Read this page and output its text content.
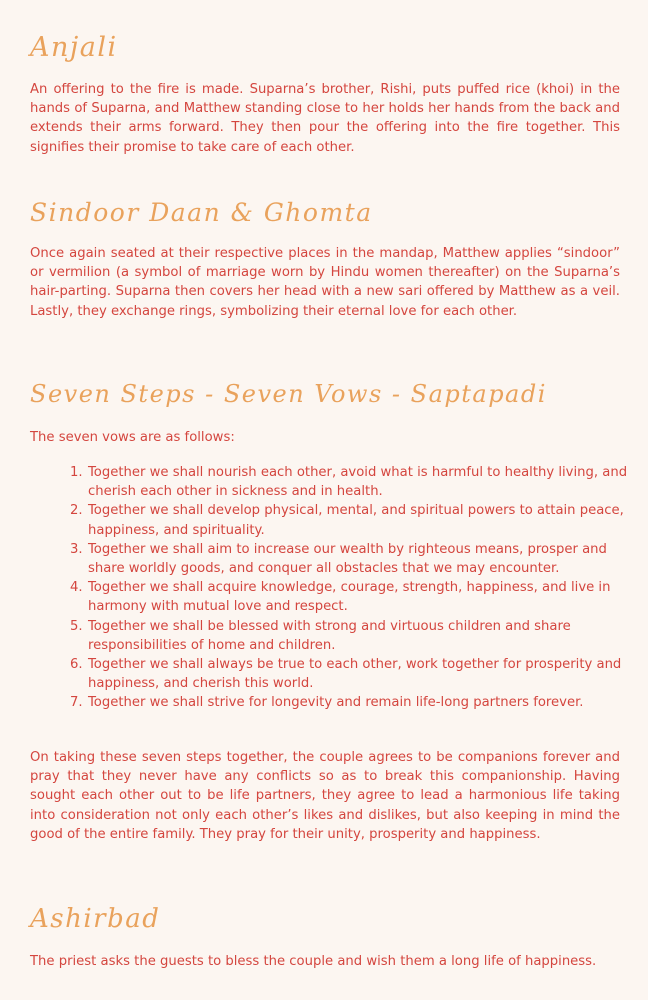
Anjali

An offering to the fire is made. Suparna’s brother, Rishi, puts puffed rice (khoi) in the hands of Suparna, and Matthew standing close to her holds her hands from the back and extends their arms forward. They then pour the offering into the fire together. This signifies their promise to take care of each other.

Sindoor Daan & Ghomta

Once again seated at their respective places in the mandap, Matthew applies “sindoor” or vermilion (a symbol of marriage worn by Hindu women thereafter) on the Suparna’s hair-parting. Suparna then covers her head with a new sari offered by Matthew as a veil. Lastly, they exchange rings, symbolizing their eternal love for each other.

Seven Steps - Seven Vows - Saptapadi

The seven vows are as follows:

1. Together we shall nourish each other, avoid what is harmful to healthy living, and cherish each other in sickness and in health.
2. Together we shall develop physical, mental, and spiritual powers to attain peace, happiness, and spirituality.
3. Together we shall aim to increase our wealth by righteous means, prosper and share worldly goods, and conquer all obstacles that we may encounter.
4. Together we shall acquire knowledge, courage, strength, happiness, and live in harmony with mutual love and respect.
5. Together we shall be blessed with strong and virtuous children and share responsibilities of home and children.
6. Together we shall always be true to each other, work together for prosperity and happiness, and cherish this world.
7. Together we shall strive for longevity and remain life-long partners forever.

On taking these seven steps together, the couple agrees to be companions forever and pray that they never have any conflicts so as to break this companionship. Having sought each other out to be life partners, they agree to lead a harmonious life taking into consideration not only each other’s likes and dislikes, but also keeping in mind the good of the entire family. They pray for their unity, prosperity and happiness.

Ashirbad

The priest asks the guests to bless the couple and wish them a long life of happiness.
